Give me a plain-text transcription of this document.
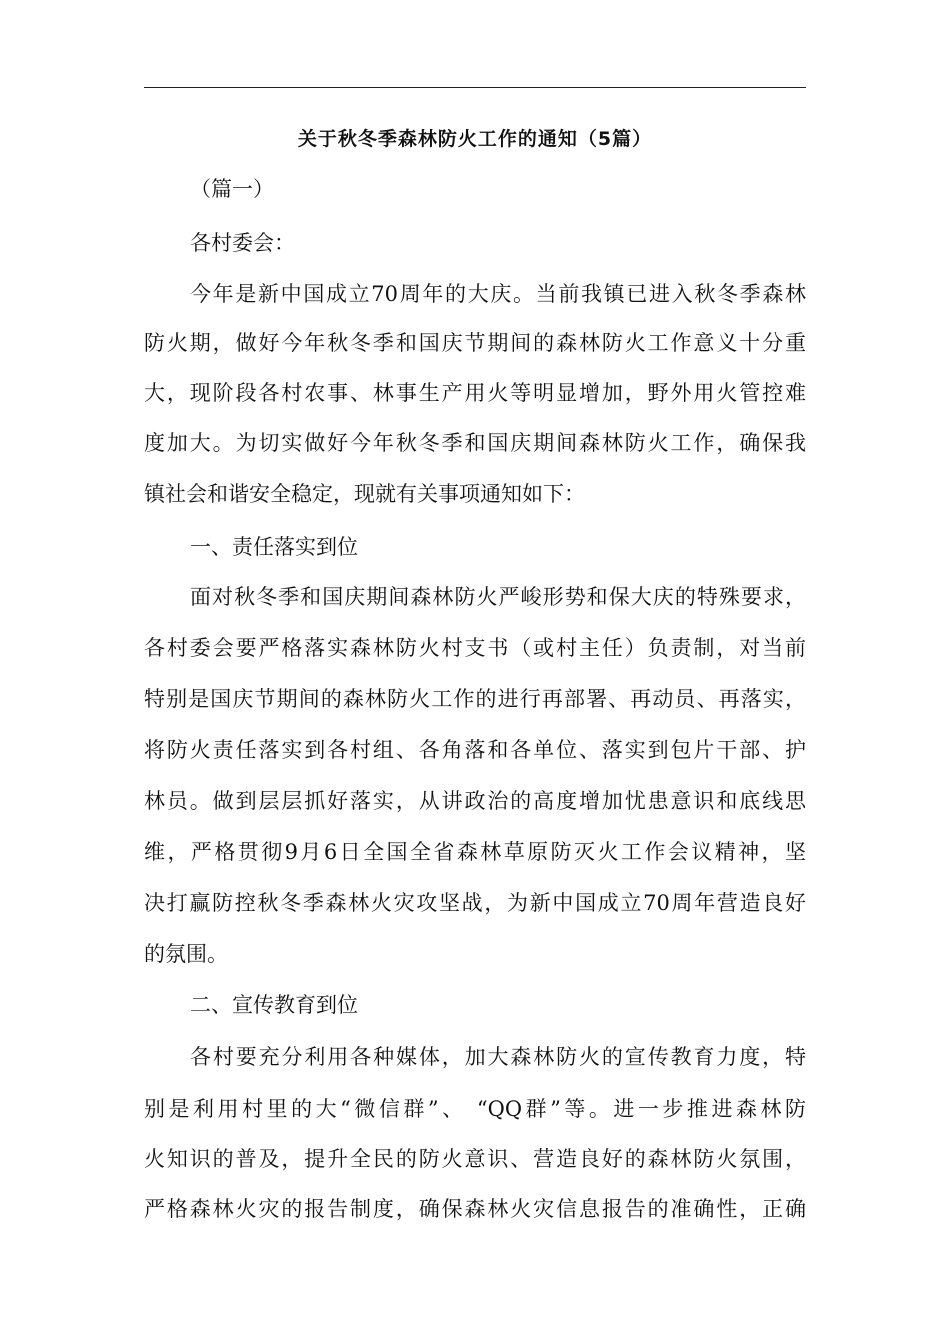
关于秋冬季森林防火工作的通知（5篇）
（篇一）
各村委会：
今年是新中国成立70周年的大庆。当前我镇已进入秋冬季森林
防火期，做好今年秋冬季和国庆节期间的森林防火工作意义十分重
大，现阶段各村农事、林事生产用火等明显增加，野外用火管控难
度加大。为切实做好今年秋冬季和国庆期间森林防火工作，确保我
镇社会和谐安全稳定，现就有关事项通知如下：
一、责任落实到位
面对秋冬季和国庆期间森林防火严峻形势和保大庆的特殊要求，
各村委会要严格落实森林防火村支书（或村主任）负责制，对当前
特别是国庆节期间的森林防火工作的进行再部署、再动员、再落实，
将防火责任落实到各村组、各角落和各单位、落实到包片干部、护
林员。做到层层抓好落实，从讲政治的高度增加忧患意识和底线思
维，严格贯彻9月6日全国全省森林草原防灭火工作会议精神，坚
决打赢防控秋冬季森林火灾攻坚战，为新中国成立70周年营造良好
的氛围。
二、宣传教育到位
各村要充分利用各种媒体，加大森林防火的宣传教育力度，特
别是利用村里的大“微信群”、 “QQ群”等。进一步推进森林防
火知识的普及，提升全民的防火意识、营造良好的森林防火氛围，
严格森林火灾的报告制度，确保森林火灾信息报告的准确性，正确
